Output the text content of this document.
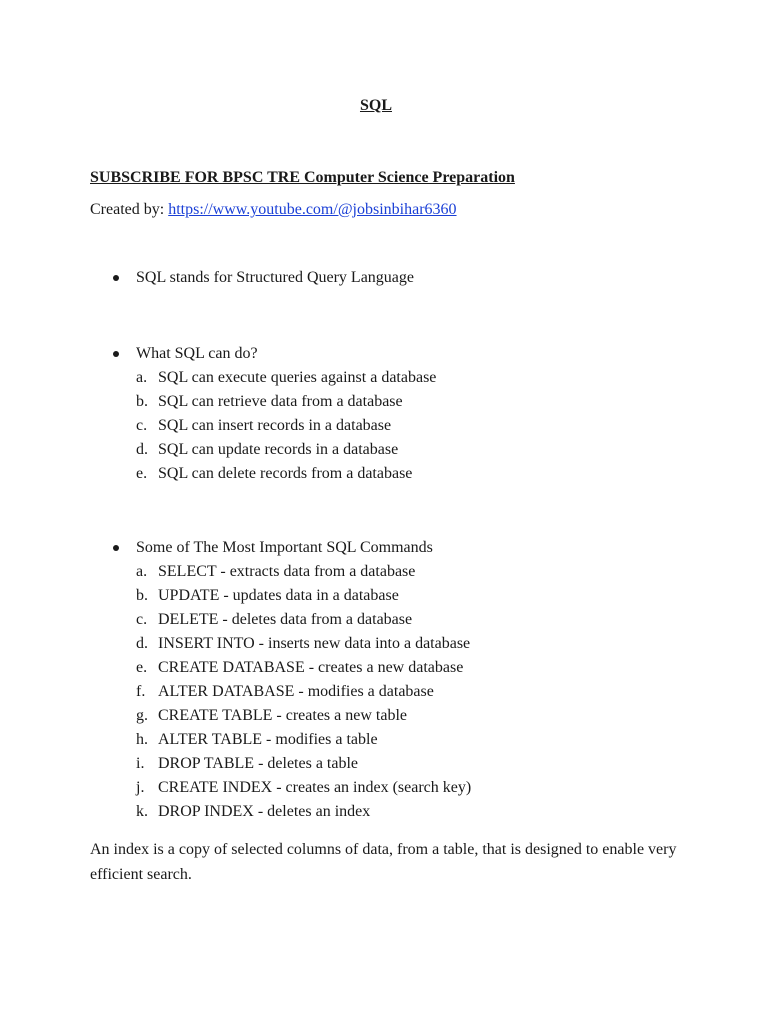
SQL
SUBSCRIBE FOR BPSC TRE Computer Science Preparation
Created by: https://www.youtube.com/@jobsinbihar6360
SQL stands for Structured Query Language
What SQL can do?
a. SQL can execute queries against a database
b. SQL can retrieve data from a database
c. SQL can insert records in a database
d. SQL can update records in a database
e. SQL can delete records from a database
Some of The Most Important SQL Commands
a. SELECT - extracts data from a database
b. UPDATE - updates data in a database
c. DELETE - deletes data from a database
d. INSERT INTO - inserts new data into a database
e. CREATE DATABASE - creates a new database
f. ALTER DATABASE - modifies a database
g. CREATE TABLE - creates a new table
h. ALTER TABLE - modifies a table
i. DROP TABLE - deletes a table
j. CREATE INDEX - creates an index (search key)
k. DROP INDEX - deletes an index
An index is a copy of selected columns of data, from a table, that is designed to enable very efficient search.
